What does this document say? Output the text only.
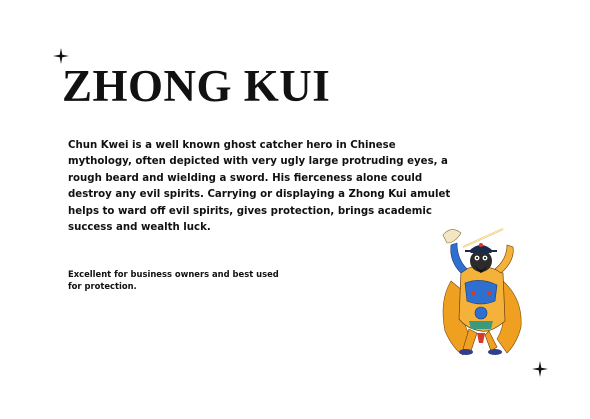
ZHONG KUI
Chun Kwei is a well known ghost catcher hero in Chinese mythology, often depicted with very ugly large protruding eyes, a rough beard and wielding a sword. His fierceness alone could destroy any evil spirits. Carrying or displaying a Zhong Kui amulet helps to ward off evil spirits, gives protection, brings academic success and wealth luck.
Excellent for business owners and best used for protection.
